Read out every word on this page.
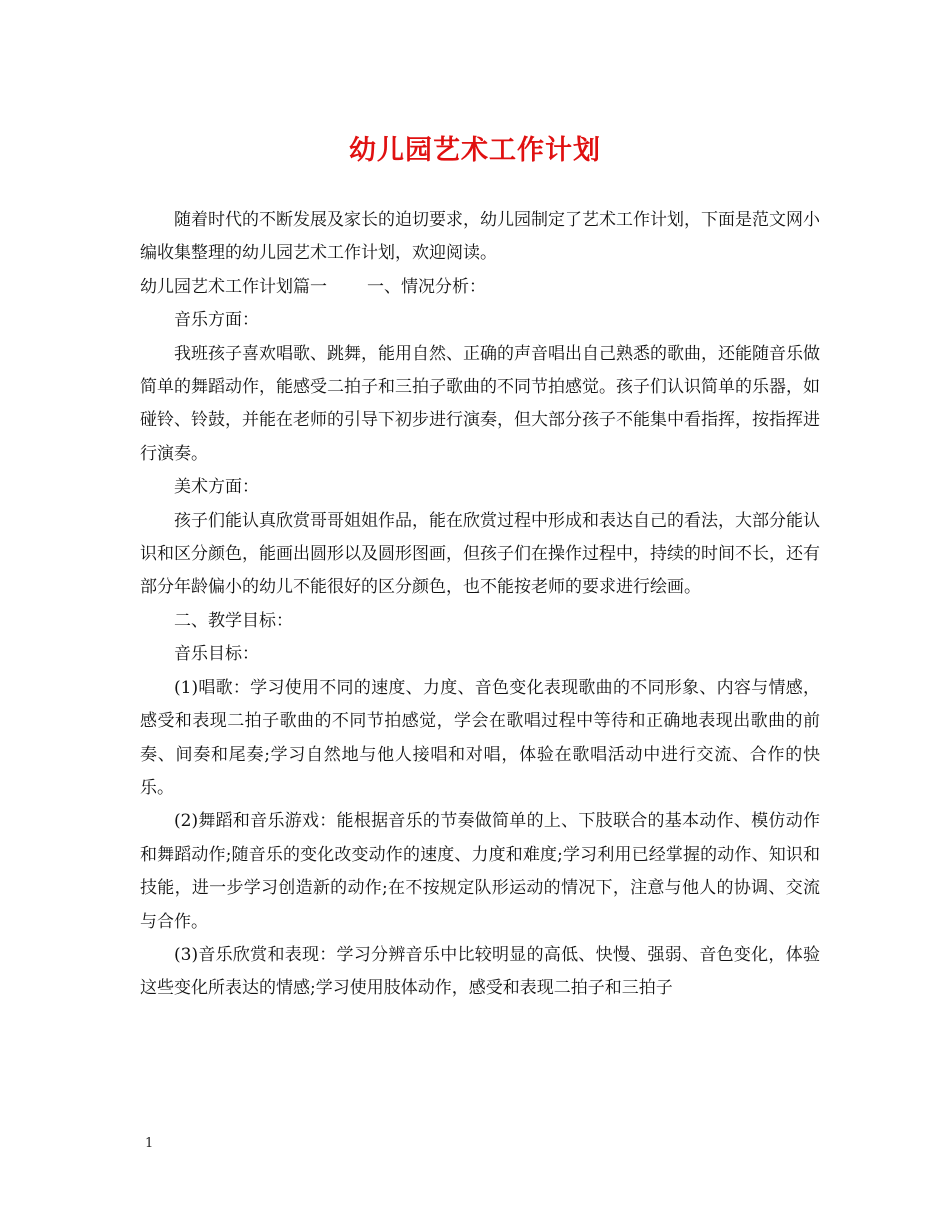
幼儿园艺术工作计划

随着时代的不断发展及家长的迫切要求，幼儿园制定了艺术工作计划，下面是范文网小编收集整理的幼儿园艺术工作计划，欢迎阅读。

幼儿园艺术工作计划篇一 一、情况分析：

音乐方面：

我班孩子喜欢唱歌、跳舞，能用自然、正确的声音唱出自己熟悉的歌曲，还能随音乐做简单的舞蹈动作，能感受二拍子和三拍子歌曲的不同节拍感觉。孩子们认识简单的乐器，如碰铃、铃鼓，并能在老师的引导下初步进行演奏，但大部分孩子不能集中看指挥，按指挥进行演奏。

美术方面：

孩子们能认真欣赏哥哥姐姐作品，能在欣赏过程中形成和表达自己的看法，大部分能认识和区分颜色，能画出圆形以及圆形图画，但孩子们在操作过程中，持续的时间不长，还有部分年龄偏小的幼儿不能很好的区分颜色，也不能按老师的要求进行绘画。

二、教学目标：

音乐目标：

(1)唱歌：学习使用不同的速度、力度、音色变化表现歌曲的不同形象、内容与情感，感受和表现二拍子歌曲的不同节拍感觉，学会在歌唱过程中等待和正确地表现出歌曲的前奏、间奏和尾奏;学习自然地与他人接唱和对唱，体验在歌唱活动中进行交流、合作的快乐。

(2)舞蹈和音乐游戏：能根据音乐的节奏做简单的上、下肢联合的基本动作、模仿动作和舞蹈动作;随音乐的变化改变动作的速度、力度和难度;学习利用已经掌握的动作、知识和技能，进一步学习创造新的动作;在不按规定队形运动的情况下，注意与他人的协调、交流与合作。

(3)音乐欣赏和表现：学习分辨音乐中比较明显的高低、快慢、强弱、音色变化，体验这些变化所表达的情感;学习使用肢体动作，感受和表现二拍子和三拍子

1
